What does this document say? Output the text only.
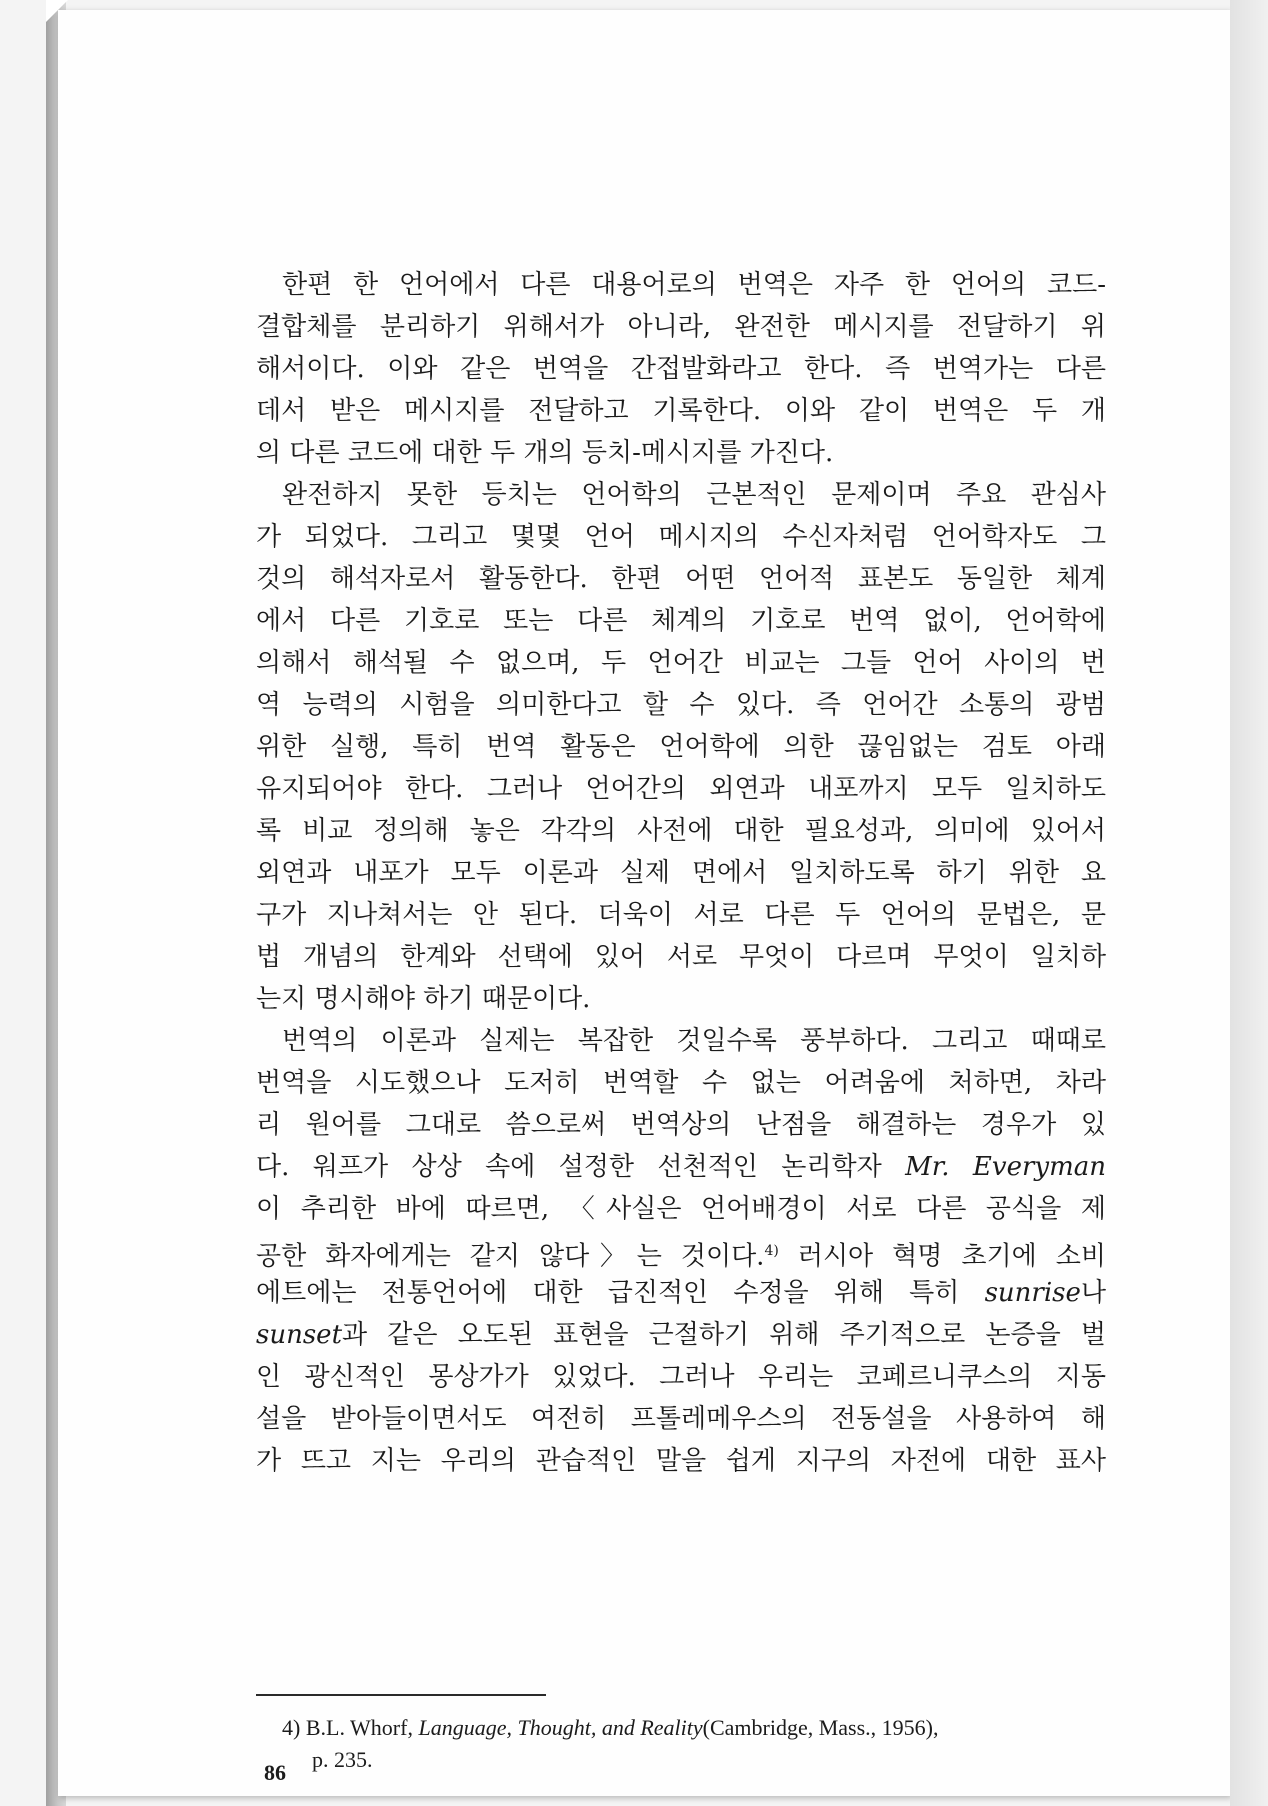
한편 한 언어에서 다른 대용어로의 번역은 자주 한 언어의 코드-
결합체를 분리하기 위해서가 아니라, 완전한 메시지를 전달하기 위
해서이다. 이와 같은 번역을 간접발화라고 한다. 즉 번역가는 다른
데서 받은 메시지를 전달하고 기록한다. 이와 같이 번역은 두 개
의 다른 코드에 대한 두 개의 등치-메시지를 가진다.
완전하지 못한 등치는 언어학의 근본적인 문제이며 주요 관심사
가 되었다. 그리고 몇몇 언어 메시지의 수신자처럼 언어학자도 그
것의 해석자로서 활동한다. 한편 어떤 언어적 표본도 동일한 체계
에서 다른 기호로 또는 다른 체계의 기호로 번역 없이, 언어학에
의해서 해석될 수 없으며, 두 언어간 비교는 그들 언어 사이의 번
역 능력의 시험을 의미한다고 할 수 있다. 즉 언어간 소통의 광범
위한 실행, 특히 번역 활동은 언어학에 의한 끊임없는 검토 아래
유지되어야 한다. 그러나 언어간의 외연과 내포까지 모두 일치하도
록 비교 정의해 놓은 각각의 사전에 대한 필요성과, 의미에 있어서
외연과 내포가 모두 이론과 실제 면에서 일치하도록 하기 위한 요
구가 지나쳐서는 안 된다. 더욱이 서로 다른 두 언어의 문법은, 문
법 개념의 한계와 선택에 있어 서로 무엇이 다르며 무엇이 일치하
는지 명시해야 하기 때문이다.
번역의 이론과 실제는 복잡한 것일수록 풍부하다. 그리고 때때로
번역을 시도했으나 도저히 번역할 수 없는 어려움에 처하면, 차라
리 원어를 그대로 씀으로써 번역상의 난점을 해결하는 경우가 있
다. 워프가 상상 속에 설정한 선천적인 논리학자 Mr. Everyman
이 추리한 바에 따르면, 〈사실은 언어배경이 서로 다른 공식을 제
공한 화자에게는 같지 않다〉는 것이다.$^{4)}$ 러시아 혁명 초기에 소비
에트에는 전통언어에 대한 급진적인 수정을 위해 특히 sunrise나
sunset과 같은 오도된 표현을 근절하기 위해 주기적으로 논증을 벌
인 광신적인 몽상가가 있었다. 그러나 우리는 코페르니쿠스의 지동
설을 받아들이면서도 여전히 프톨레메우스의 전동설을 사용하여 해
가 뜨고 지는 우리의 관습적인 말을 쉽게 지구의 자전에 대한 표사
4) B.L. Whorf, Language, Thought, and Reality(Cambridge, Mass., 1956),
p. 235.
86
